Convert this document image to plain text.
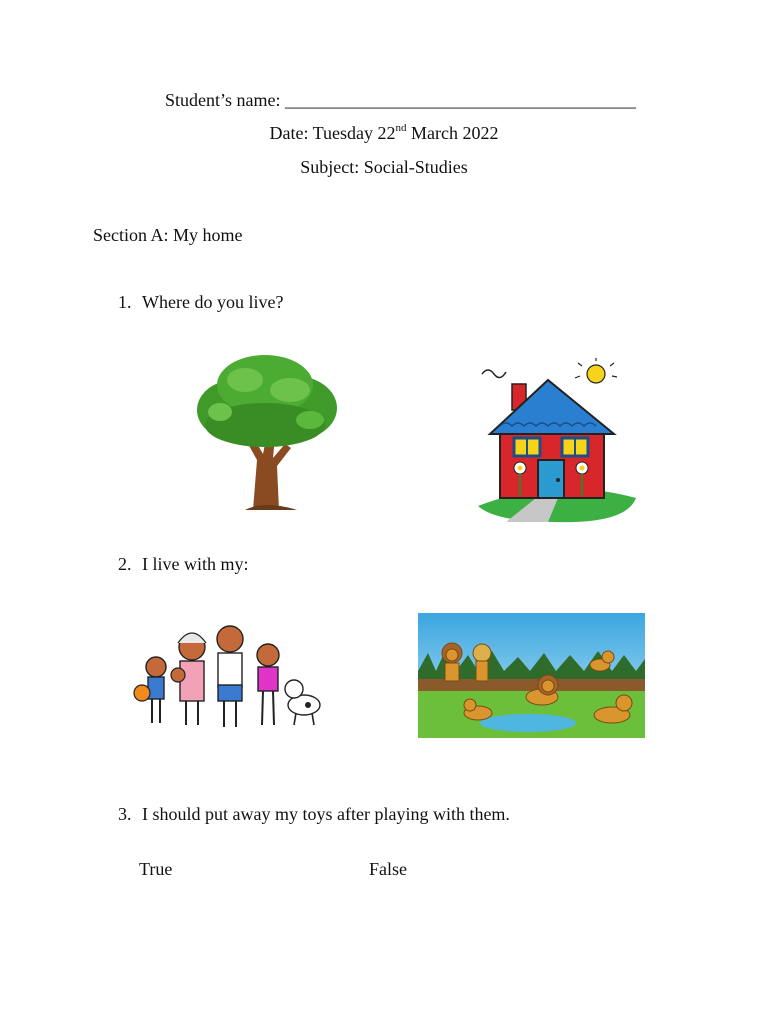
Student’s name: _______________________________________
Date: Tuesday 22nd March 2022
Subject: Social-Studies
Section A: My home
1. Where do you live?
2. I live with my:
3. I should put away my toys after playing with them.
True	False
